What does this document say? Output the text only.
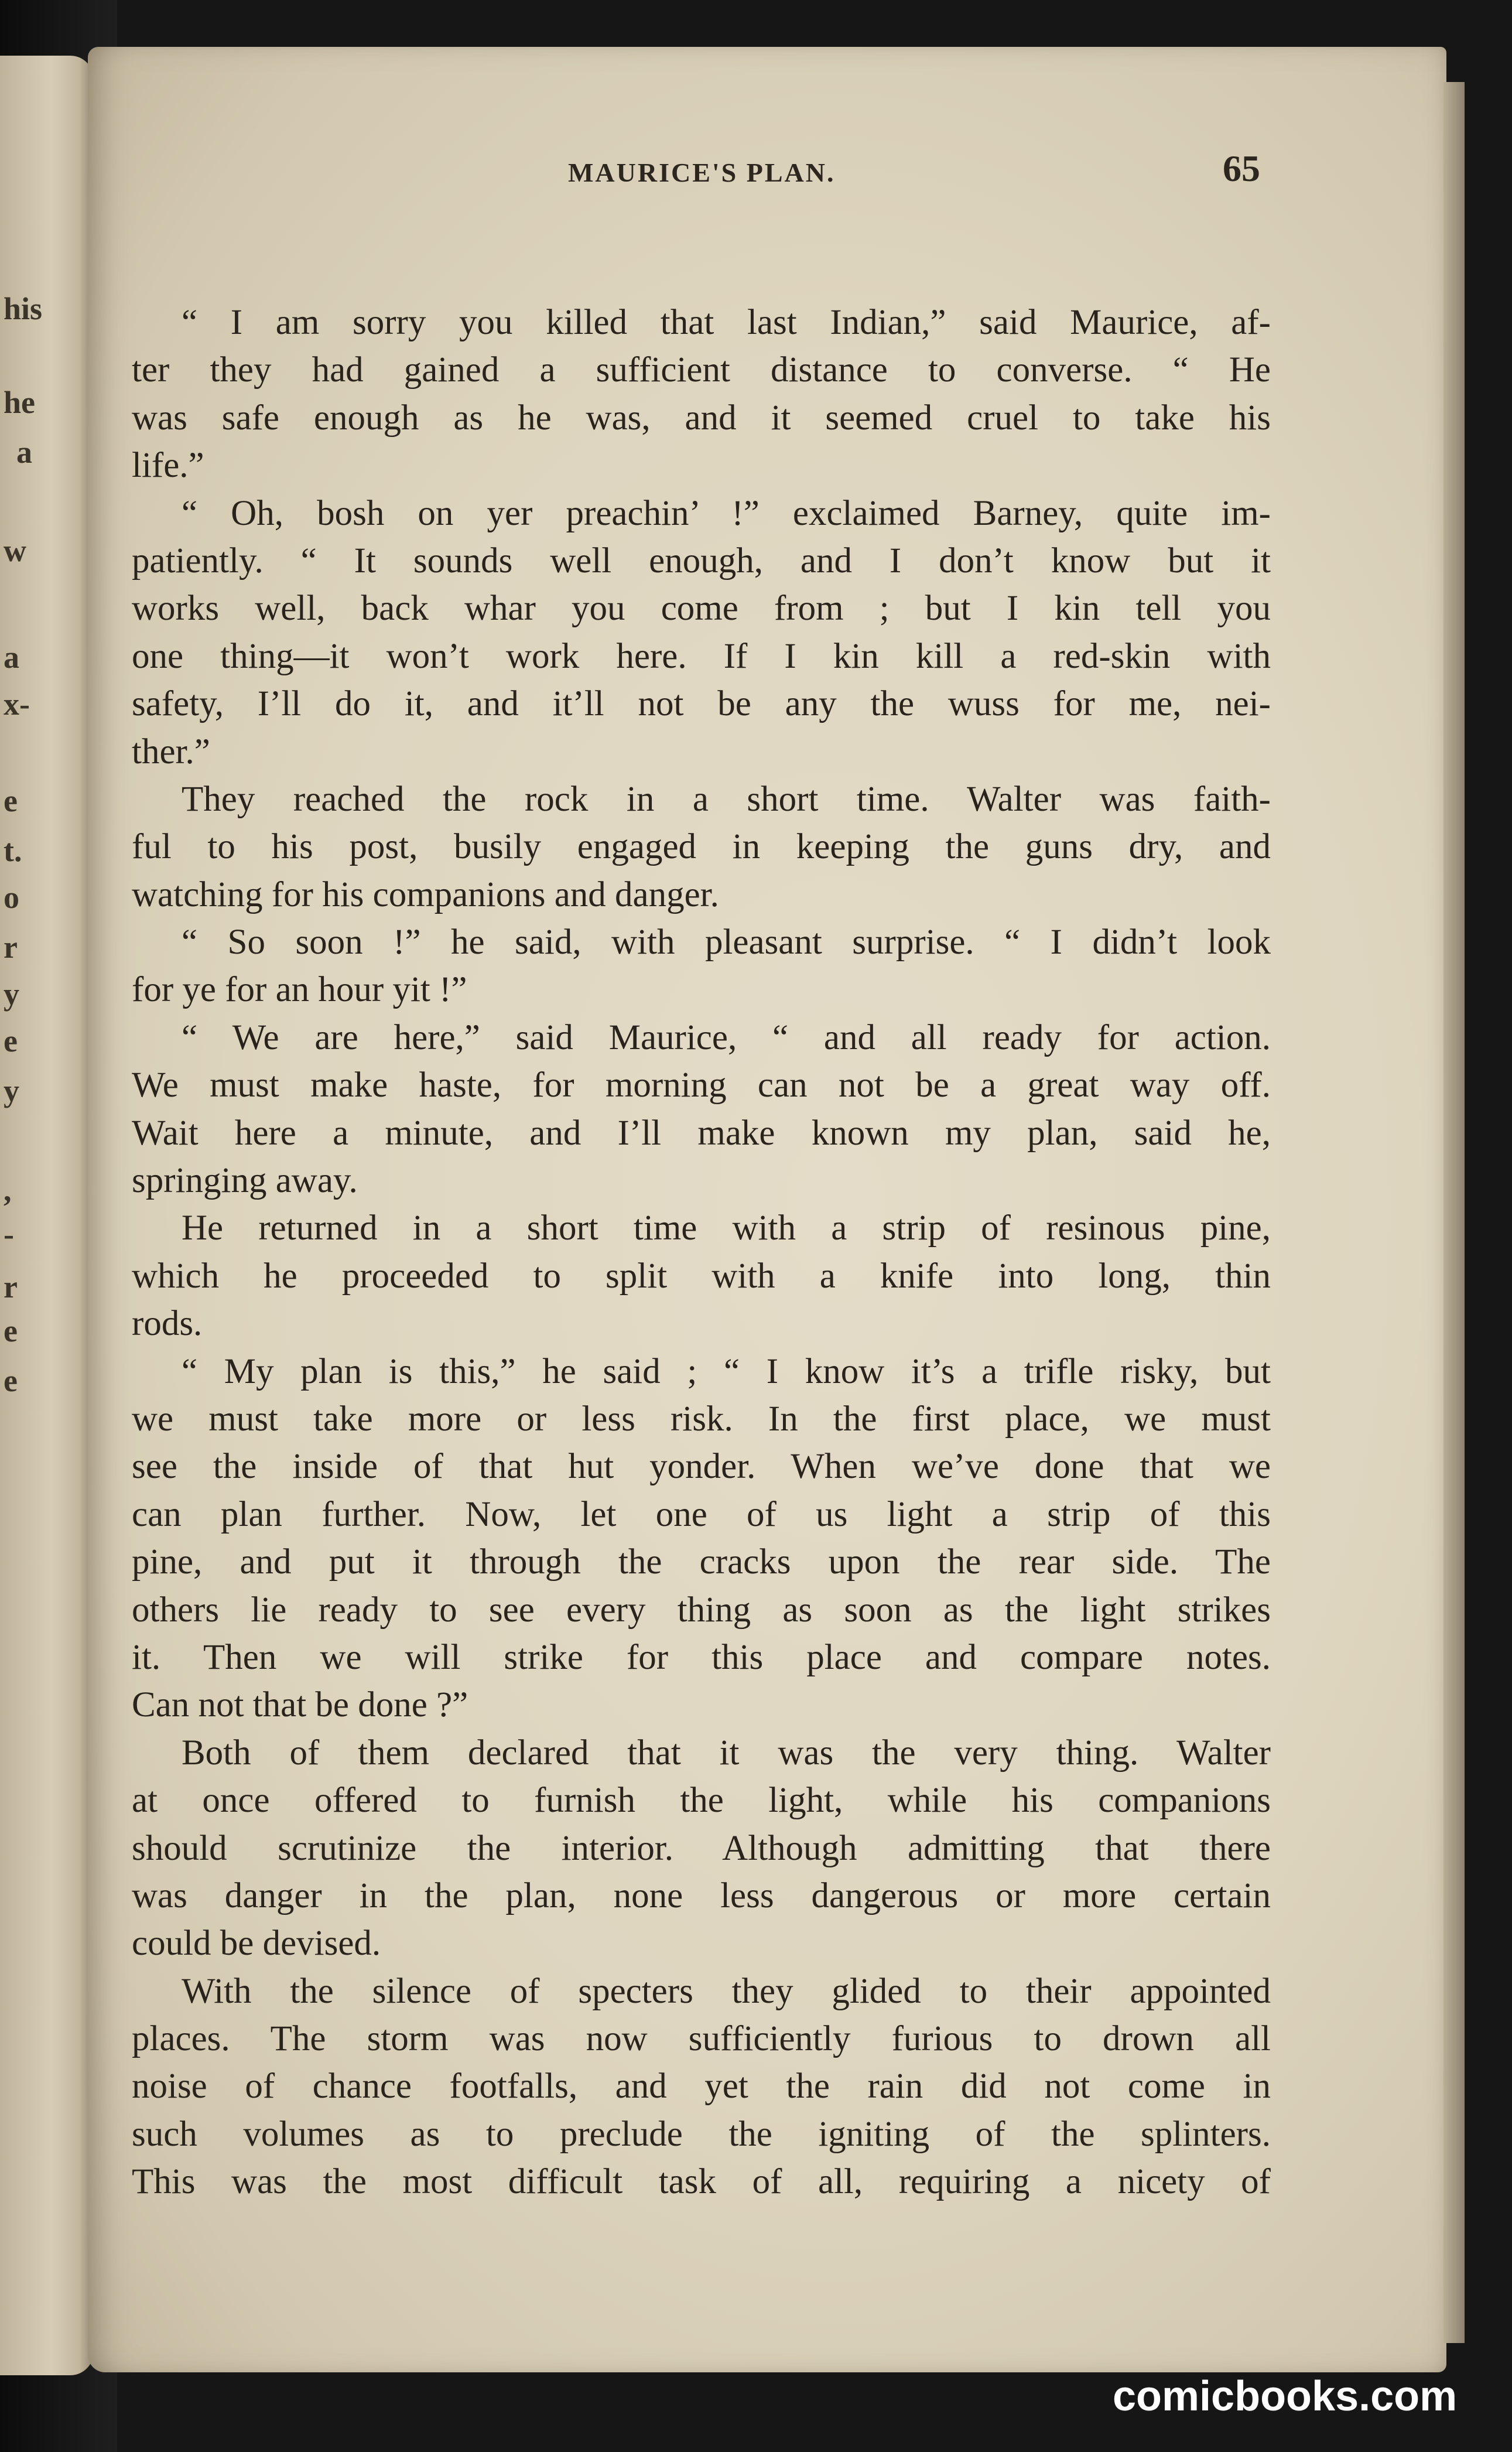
his
he
a
w
a
x-
e
t.
o
r
y
e
y
,
-
r
e
e
MAURICE'S PLAN.	65
“ I am sorry you killed that last Indian,” said Maurice, af-
ter they had gained a sufficient distance to converse. “ He
was safe enough as he was, and it seemed cruel to take his
life.”
“ Oh, bosh on yer preachin’ !” exclaimed Barney, quite im-
patiently. “ It sounds well enough, and I don’t know but it
works well, back whar you come from ; but I kin tell you
one thing—it won’t work here. If I kin kill a red-skin with
safety, I’ll do it, and it’ll not be any the wuss for me, nei-
ther.”
They reached the rock in a short time. Walter was faith-
ful to his post, busily engaged in keeping the guns dry, and
watching for his companions and danger.
“ So soon !” he said, with pleasant surprise. “ I didn’t look
for ye for an hour yit !”
“ We are here,” said Maurice, “ and all ready for action.
We must make haste, for morning can not be a great way off.
Wait here a minute, and I’ll make known my plan, said he,
springing away.
He returned in a short time with a strip of resinous pine,
which he proceeded to split with a knife into long, thin
rods.
“ My plan is this,” he said ; “ I know it’s a trifle risky, but
we must take more or less risk. In the first place, we must
see the inside of that hut yonder. When we’ve done that we
can plan further. Now, let one of us light a strip of this
pine, and put it through the cracks upon the rear side. The
others lie ready to see every thing as soon as the light strikes
it. Then we will strike for this place and compare notes.
Can not that be done ?”
Both of them declared that it was the very thing. Walter
at once offered to furnish the light, while his companions
should scrutinize the interior. Although admitting that there
was danger in the plan, none less dangerous or more certain
could be devised.
With the silence of specters they glided to their appointed
places. The storm was now sufficiently furious to drown all
noise of chance footfalls, and yet the rain did not come in
such volumes as to preclude the igniting of the splinters.
This was the most difficult task of all, requiring a nicety of
comicbooks.com
